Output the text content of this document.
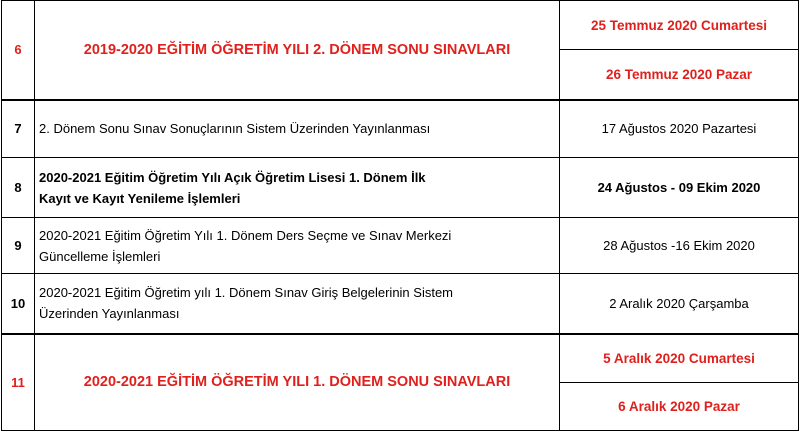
6	2019-2020 EĞİTİM ÖĞRETİM YILI 2. DÖNEM SONU SINAVLARI	25 Temmuz 2020 Cumartesi
		26 Temmuz 2020 Pazar
7	2. Dönem Sonu Sınav Sonuçlarının Sistem Üzerinden Yayınlanması	17 Ağustos 2020 Pazartesi
8	2020-2021 Eğitim Öğretim Yılı Açık Öğretim Lisesi 1. Dönem İlk
Kayıt ve Kayıt Yenileme İşlemleri	24 Ağustos - 09 Ekim 2020
9	2020-2021 Eğitim Öğretim Yılı 1. Dönem Ders Seçme ve Sınav Merkezi
Güncelleme İşlemleri	28 Ağustos -16 Ekim 2020
10	2020-2021 Eğitim Öğretim yılı 1. Dönem Sınav Giriş Belgelerinin Sistem
Üzerinden Yayınlanması	2 Aralık 2020 Çarşamba
11	2020-2021 EĞİTİM ÖĞRETİM YILI 1. DÖNEM SONU SINAVLARI	5 Aralık 2020 Cumartesi
		6 Aralık 2020 Pazar
